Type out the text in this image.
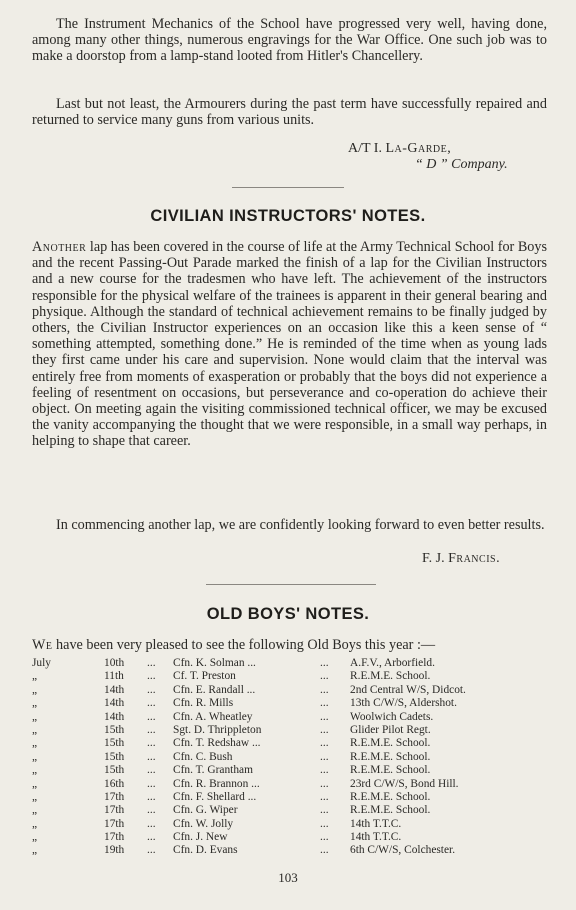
The Instrument Mechanics of the School have progressed very well, having done, among many other things, numerous engravings for the War Office. One such job was to make a doorstop from a lamp-stand looted from Hitler's Chancellery.

Last but not least, the Armourers during the past term have successfully repaired and returned to service many guns from various units.

A/T I. La-Garde,
“ D ” Company.
CIVILIAN INSTRUCTORS' NOTES.

Another lap has been covered in the course of life at the Army Technical School for Boys and the recent Passing-Out Parade marked the finish of a lap for the Civilian Instructors and a new course for the tradesmen who have left. The achievement of the instructors responsible for the physical welfare of the trainees is apparent in their general bearing and physique. Although the standard of technical achievement remains to be finally judged by others, the Civilian Instructor experiences on an occasion like this a keen sense of “ something attempted, something done.” He is reminded of the time when as young lads they first came under his care and supervision. None would claim that the interval was entirely free from moments of exasperation or probably that the boys did not experience a feeling of resentment on occasions, but perseverance and co-operation do achieve their object. On meeting again the visiting commissioned technical officer, we may be excused the vanity accompanying the thought that we were responsible, in a small way perhaps, in helping to shape that career.

In commencing another lap, we are confidently looking forward to even better results.

F. J. Francis.
OLD BOYS' NOTES.

We have been very pleased to see the following Old Boys this year :—

July	10th ... Cfn. K. Solman ...	... A.F.V., Arborfield.
„	11th ... Cf. T. Preston	... R.E.M.E. School.
„	14th ... Cfn. E. Randall ...	... 2nd Central W/S, Didcot.
„	14th ... Cfn. R. Mills	... 13th C/W/S, Aldershot.
„	14th ... Cfn. A. Wheatley	... Woolwich Cadets.
„	15th ... Sgt. D. Thrippleton	... Glider Pilot Regt.
„	15th ... Cfn. T. Redshaw ...	... R.E.M.E. School.
„	15th ... Cfn. C. Bush	... R.E.M.E. School.
„	15th ... Cfn. T. Grantham	... R.E.M.E. School.
„	16th ... Cfn. R. Brannon ...	... 23rd C/W/S, Bond Hill.
„	17th ... Cfn. F. Shellard ...	... R.E.M.E. School.
„	17th ... Cfn. G. Wiper	... R.E.M.E. School.
„	17th ... Cfn. W. Jolly	... 14th T.T.C.
„	17th ... Cfn. J. New	... 14th T.T.C.
„	19th ... Cfn. D. Evans	... 6th C/W/S, Colchester.
103
